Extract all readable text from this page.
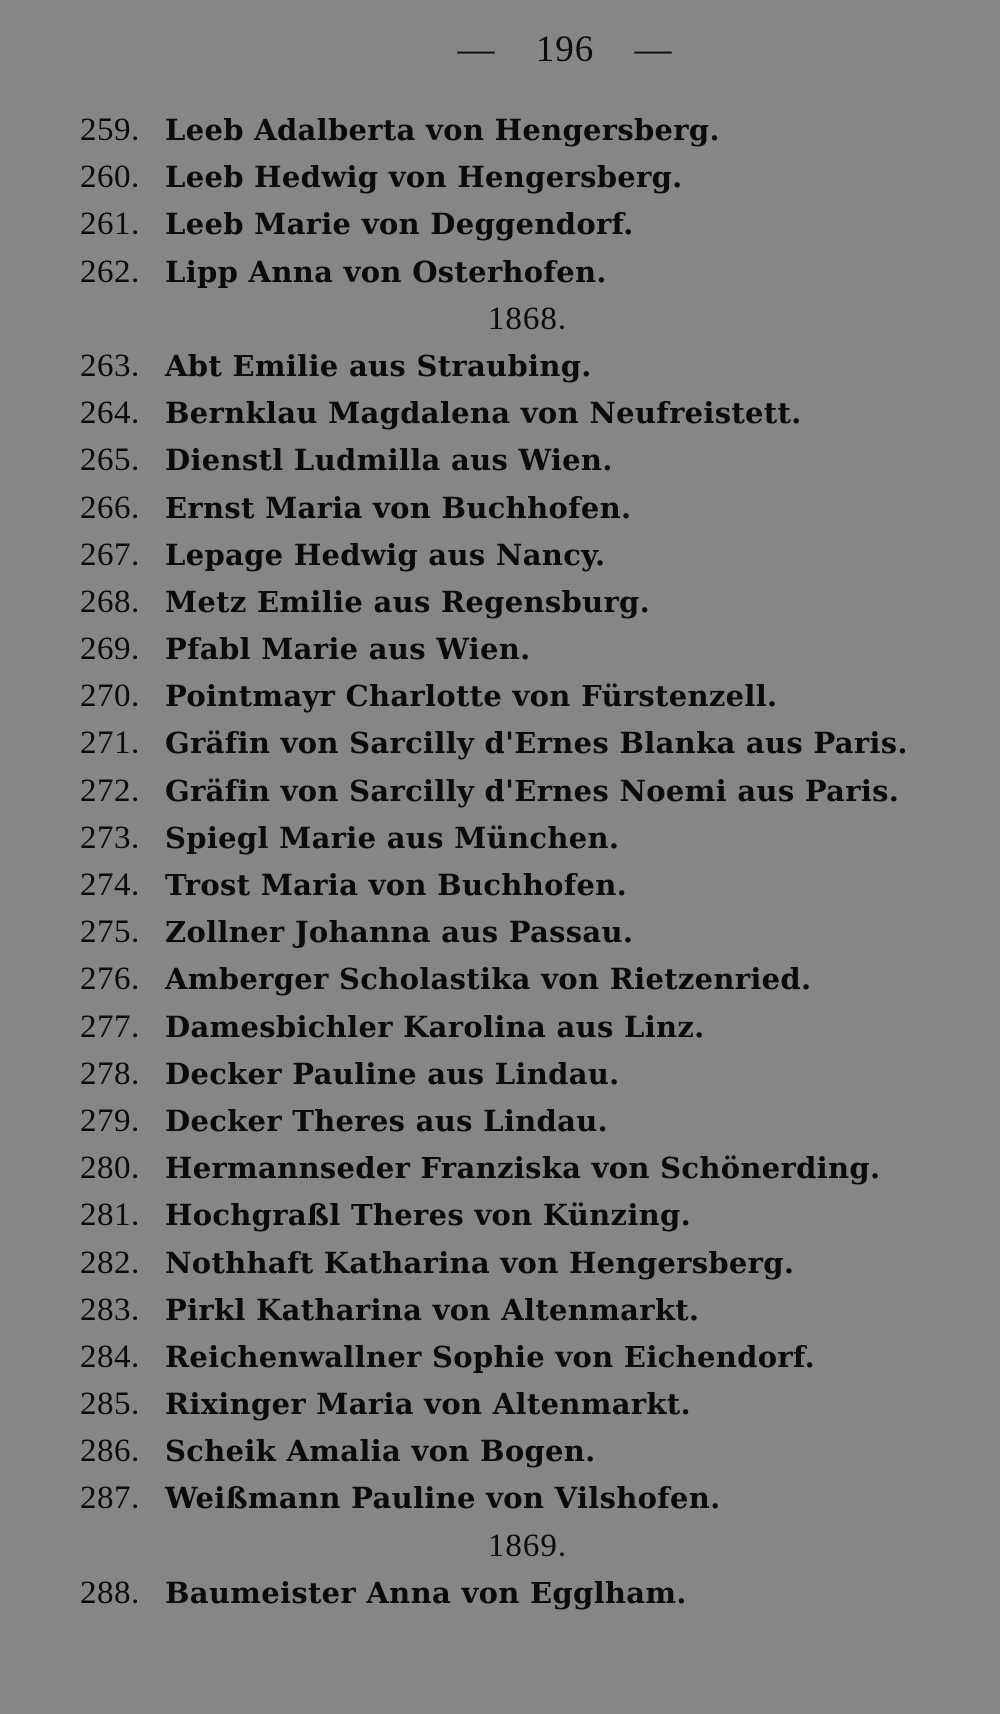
— 196 —
259. Leeb Adalberta von Hengersberg.
260. Leeb Hedwig von Hengersberg.
261. Leeb Marie von Deggendorf.
262. Lipp Anna von Osterhofen.
1868.
263. Abt Emilie aus Straubing.
264. Bernklau Magdalena von Neufreistett.
265. Dienstl Ludmilla aus Wien.
266. Ernst Maria von Buchhofen.
267. Lepage Hedwig aus Nancy.
268. Metz Emilie aus Regensburg.
269. Pfabl Marie aus Wien.
270. Pointmayr Charlotte von Fürstenzell.
271. Gräfin von Sarcilly d'Ernes Blanka aus Paris.
272. Gräfin von Sarcilly d'Ernes Noemi aus Paris.
273. Spiegl Marie aus München.
274. Trost Maria von Buchhofen.
275. Zollner Johanna aus Passau.
276. Amberger Scholastika von Rietzenried.
277. Damesbichler Karolina aus Linz.
278. Decker Pauline aus Lindau.
279. Decker Theres aus Lindau.
280. Hermannseder Franziska von Schönerding.
281. Hochgraßl Theres von Künzing.
282. Nothhaft Katharina von Hengersberg.
283. Pirkl Katharina von Altenmarkt.
284. Reichenwallner Sophie von Eichendorf.
285. Rixinger Maria von Altenmarkt.
286. Scheik Amalia von Bogen.
287. Weißmann Pauline von Vilshofen.
1869.
288. Baumeister Anna von Egglham.
